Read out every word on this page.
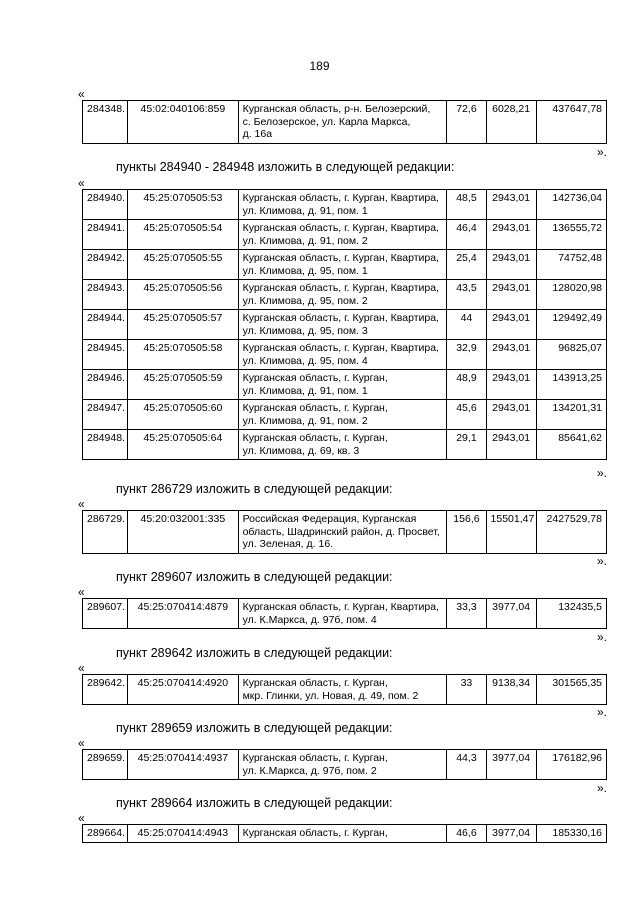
189
«
284348.	45:02:040106:859	Курганская область, р-н. Белозерский,
с. Белозерское, ул. Карла Маркса,
д. 16а
	72,6	6028,21	437647,78
».
пункты 284940 - 284948 изложить в следующей редакции:
«
284940.	45:25:070505:53	Курганская область, г. Курган, Квартира,
ул. Климова, д. 91, пом. 1	48,5	2943,01	142736,04
284941.	45:25:070505:54	Курганская область, г. Курган, Квартира,
ул. Климова, д. 91, пом. 2	46,4	2943,01	136555,72
284942.	45:25:070505:55	Курганская область, г. Курган, Квартира,
ул. Климова, д. 95, пом. 1	25,4	2943,01	74752,48
284943.	45:25:070505:56	Курганская область, г. Курган, Квартира,
ул. Климова, д. 95, пом. 2	43,5	2943,01	128020,98
284944.	45:25:070505:57	Курганская область, г. Курган, Квартира,
ул. Климова, д. 95, пом. 3	44	2943,01	129492,49
284945.	45:25:070505:58	Курганская область, г. Курган, Квартира,
ул. Климова, д. 95, пом. 4	32,9	2943,01	96825,07
284946.	45:25:070505:59	Курганская область, г. Курган,
ул. Климова, д. 91, пом. 1	48,9	2943,01	143913,25
284947.	45:25:070505:60	Курганская область, г. Курган,
ул. Климова, д. 91, пом. 2	45,6	2943,01	134201,31
284948.	45:25:070505:64	Курганская область, г. Курган,
ул. Климова, д. 69, кв. 3	29,1	2943,01	85641,62
».
пункт 286729 изложить в следующей редакции:
«
286729.	45:20:032001:335	Российская Федерация, Курганская
область, Шадринский район, д. Просвет,
ул. Зеленая, д. 16.
	156,6	15501,47	2427529,78
».
пункт 289607 изложить в следующей редакции:
«
289607.	45:25:070414:4879	Курганская область, г. Курган, Квартира,
ул. К.Маркса, д. 97б, пом. 4
	33,3	3977,04	132435,5
».
пункт 289642 изложить в следующей редакции:
«
289642.	45:25:070414:4920	Курганская область, г. Курган,
мкр. Глинки, ул. Новая, д. 49, пом. 2
	33	9138,34	301565,35
».
пункт 289659 изложить в следующей редакции:
«
289659.	45:25:070414:4937	Курганская область, г. Курган,
ул. К.Маркса, д. 97б, пом. 2
	44,3	3977,04	176182,96
».
пункт 289664 изложить в следующей редакции:
«
289664.	45:25:070414:4943	Курганская область, г. Курган,	46,6	3977,04	185330,16
